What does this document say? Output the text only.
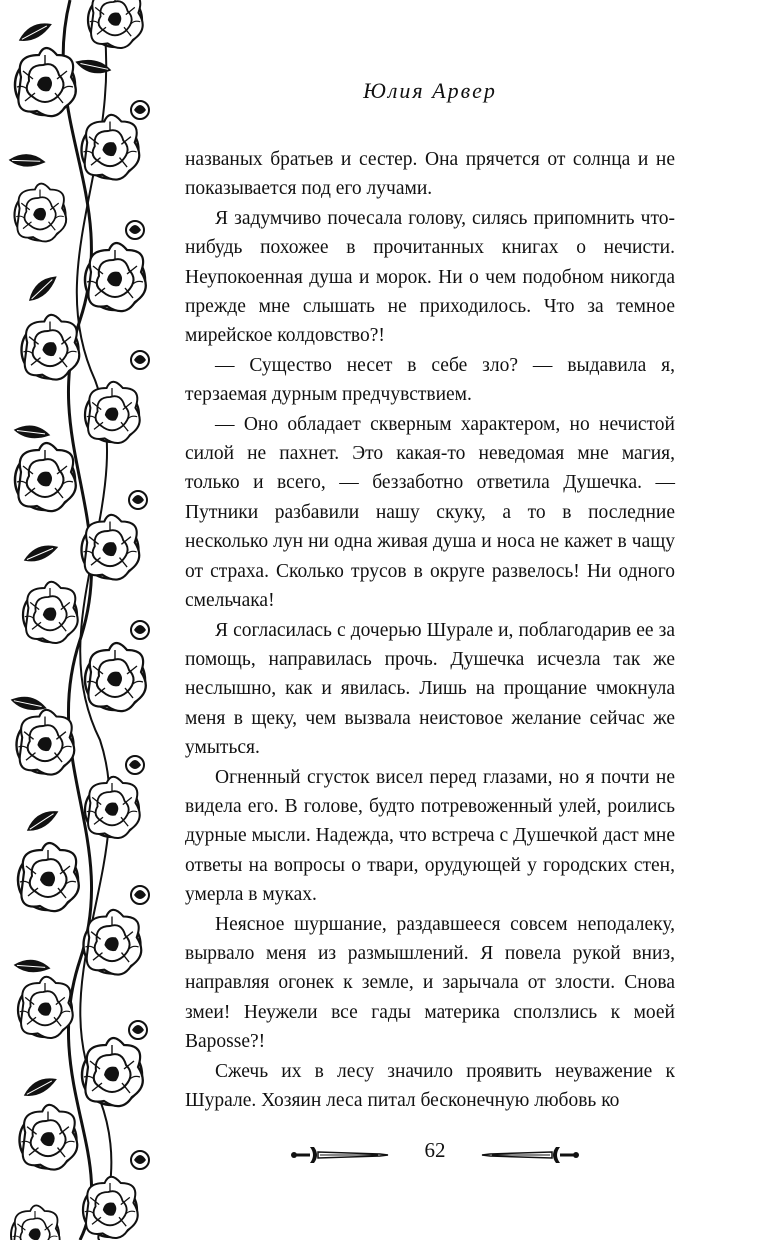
Юлия Арвер

названых братьев и сестер. Она прячется от солнца и не показывается под его лучами.

Я задумчиво почесала голову, силясь припомнить что-нибудь похожее в прочитанных книгах о нечисти. Неупокоенная душа и морок. Ни о чем подобном никогда прежде мне слышать не приходилось. Что за темное мирейское колдовство?!

— Существо несет в себе зло? — выдавила я, терзаемая дурным предчувствием.

— Оно обладает скверным характером, но нечистой силой не пахнет. Это какая-то неведомая мне магия, только и всего, — беззаботно ответила Душечка. — Путники разбавили нашу скуку, а то в последние несколько лун ни одна живая душа и носа не кажет в чащу от страха. Сколько трусов в округе развелось! Ни одного смельчака!

Я согласилась с дочерью Шурале и, поблагодарив ее за помощь, направилась прочь. Душечка исчезла так же неслышно, как и явилась. Лишь на прощание чмокнула меня в щеку, чем вызвала неистовое желание сейчас же умыться.

Огненный сгусток висел перед глазами, но я почти не видела его. В голове, будто потревоженный улей, роились дурные мысли. Надежда, что встреча с Душечкой даст мне ответы на вопросы о твари, орудующей у городских стен, умерла в муках.

Неясное шуршание, раздавшееся совсем неподалеку, вырвало меня из размышлений. Я повела рукой вниз, направляя огонек к земле, и зарычала от злости. Снова змеи! Неужели все гады материка сползлись к моей Варosse?!

Сжечь их в лесу значило проявить неуважение к Шурале. Хозяин леса питал бесконечную любовь ко

62
